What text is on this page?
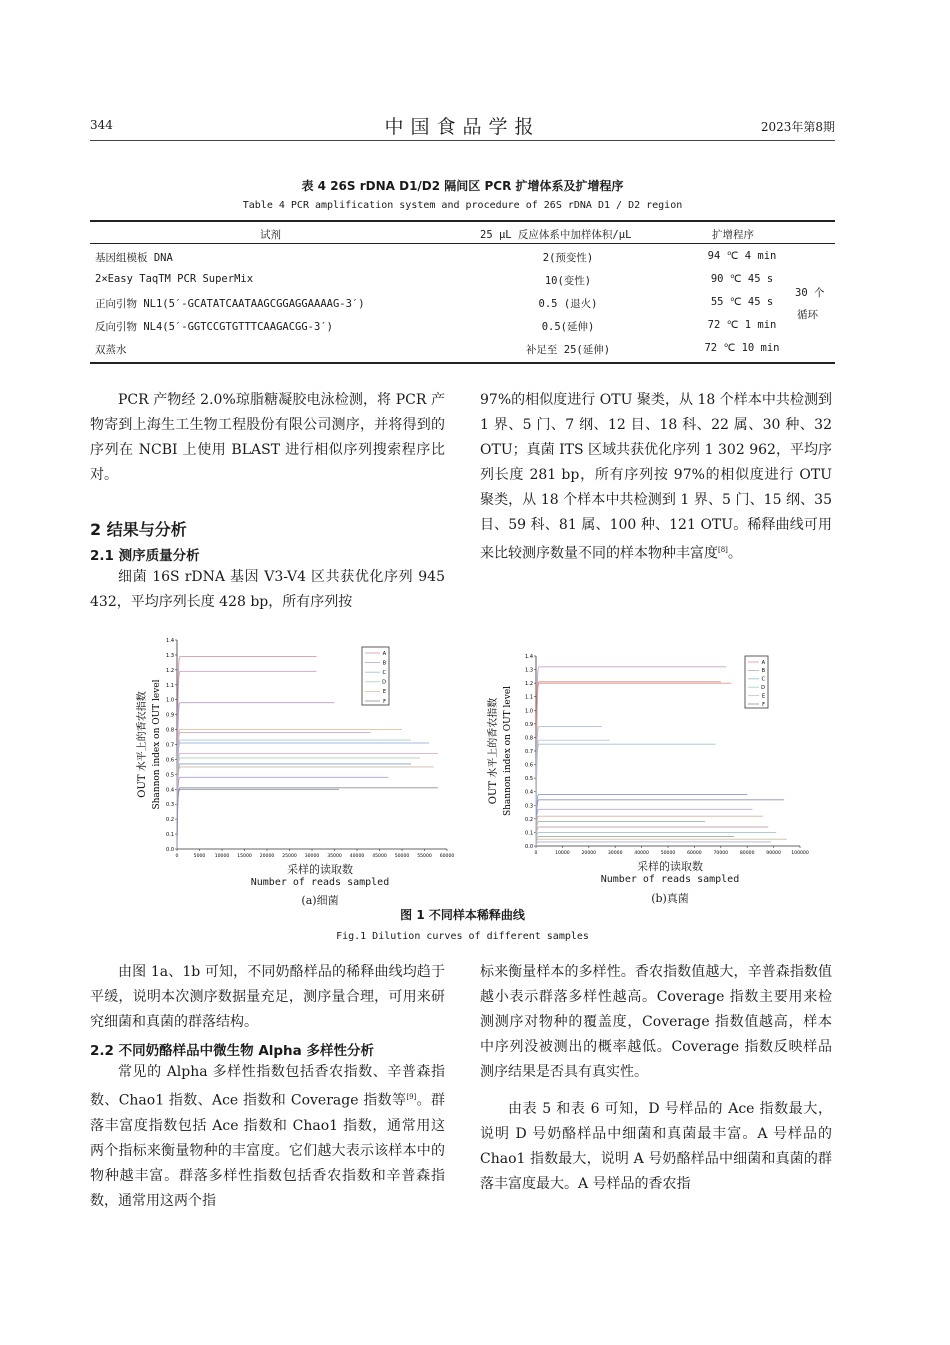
344	中国食品学报	2023年第8期
表 4 26S rDNA D1/D2 隔间区 PCR 扩增体系及扩增程序
Table 4 PCR amplification system and procedure of 26S rDNA D1 / D2 region
试剂	25 μL 反应体系中加样体积/μL	扩增程序
基因组模板 DNA	2(预变性)	94 ℃ 4 min
2×Easy TaqTM PCR SuperMix	10(变性)	90 ℃ 45 s
正向引物 NL1(5′-GCATATCAATAAGCGGAGGAAAAG-3′)	0.5 (退火)	55 ℃ 45 s
反向引物 NL4(5′-GGTCCGTGTTTCAAGACGG-3′)	0.5(延伸)	72 ℃ 1 min
双蒸水	补足至 25(延伸)	72 ℃ 10 min
30 个
循环

PCR 产物经 2.0%琼脂糖凝胶电泳检测，将 PCR 产物寄到上海生工生物工程股份有限公司测序，并将得到的序列在 NCBI 上使用 BLAST 进行相似序列搜索程序比对。

2 结果与分析
2.1 测序质量分析

细菌 16S rDNA 基因 V3-V4 区共获优化序列 945 432，平均序列长度 428 bp，所有序列按

97%的相似度进行 OTU 聚类，从 18 个样本中共检测到 1 界、5 门、7 纲、12 目、18 科、22 属、30 种、32 OTU；真菌 ITS 区域共获优化序列 1 302 962，平均序列长度 281 bp，所有序列按 97%的相似度进行 OTU 聚类，从 18 个样本中共检测到 1 界、5 门、15 纲、35 目、59 科、81 属、100 种、121 OTU。稀释曲线可用来比较测序数量不同的样本物种丰富度[8]。

0.0
0.1
0.2
0.3
0.4
0.5
0.6
0.7
0.8
0.9
1.0
1.1
1.2
1.3
1.4
0	5000 10000 15000 20000 25000 30000 35000 40000 45000 50000 55000 60000
A
B
C
D
E
F
OUT 水平上的香农指数 Shannon index on OUT level
采样的读取数
Number of reads sampled
(a)细菌
0.0
0.1
0.2
0.3
0.4
0.5
0.6
0.7
0.8
0.9
1.0
1.1
1.2
1.3
1.4
0	10000	20000	30000	40000	50000	60000	70000	80000	90000 100000
A
B
C
D
E
F
OUT 水平上的香农指数 Shannon index on OUT level
采样的读取数
Number of reads sampled
(b)真菌
图 1 不同样本稀释曲线
Fig.1 Dilution curves of different samples

由图 1a、1b 可知，不同奶酪样品的稀释曲线均趋于平缓，说明本次测序数据量充足，测序量合理，可用来研究细菌和真菌的群落结构。

2.2 不同奶酪样品中微生物 Alpha 多样性分析

常见的 Alpha 多样性指数包括香农指数、辛普森指数、Chao1 指数、Ace 指数和 Coverage 指数等[9]。群落丰富度指数包括 Ace 指数和 Chao1 指数，通常用这两个指标来衡量物种的丰富度。它们越大表示该样本中的物种越丰富。群落多样性指数包括香农指数和辛普森指数，通常用这两个指

标来衡量样本的多样性。香农指数值越大，辛普森指数值越小表示群落多样性越高。Coverage 指数主要用来检测测序对物种的覆盖度，Coverage 指数值越高，样本中序列没被测出的概率越低。Coverage 指数反映样品测序结果是否具有真实性。

由表 5 和表 6 可知，D 号样品的 Ace 指数最大，说明 D 号奶酪样品中细菌和真菌最丰富。A 号样品的 Chao1 指数最大，说明 A 号奶酪样品中细菌和真菌的群落丰富度最大。A 号样品的香农指
